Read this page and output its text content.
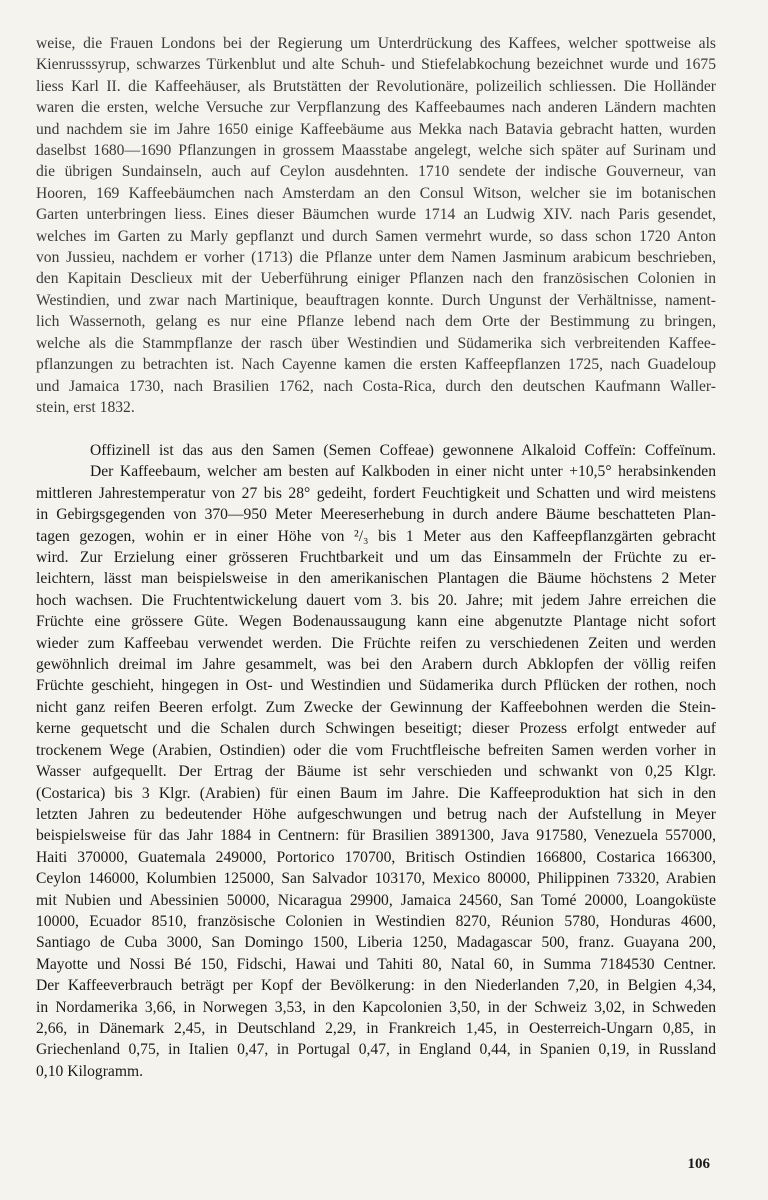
weise, die Frauen Londons bei der Regierung um Unterdrückung des Kaffees, welcher spottweise als
Kienrusssyrup, schwarzes Türkenblut und alte Schuh- und Stiefelabkochung bezeichnet wurde und 1675
liess Karl II. die Kaffeehäuser, als Brutstätten der Revolutionäre, polizeilich schliessen. Die Holländer
waren die ersten, welche Versuche zur Verpflanzung des Kaffeebaumes nach anderen Ländern machten
und nachdem sie im Jahre 1650 einige Kaffeebäume aus Mekka nach Batavia gebracht hatten, wurden
daselbst 1680—1690 Pflanzungen in grossem Maasstabe angelegt, welche sich später auf Surinam und
die übrigen Sundainseln, auch auf Ceylon ausdehnten. 1710 sendete der indische Gouverneur, van
Hooren, 169 Kaffeebäumchen nach Amsterdam an den Consul Witson, welcher sie im botanischen
Garten unterbringen liess. Eines dieser Bäumchen wurde 1714 an Ludwig XIV. nach Paris gesendet,
welches im Garten zu Marly gepflanzt und durch Samen vermehrt wurde, so dass schon 1720 Anton
von Jussieu, nachdem er vorher (1713) die Pflanze unter dem Namen Jasminum arabicum beschrieben,
den Kapitain Desclieux mit der Ueberführung einiger Pflanzen nach den französischen Colonien in
Westindien, und zwar nach Martinique, beauftragen konnte. Durch Ungunst der Verhältnisse, nament-
lich Wassernoth, gelang es nur eine Pflanze lebend nach dem Orte der Bestimmung zu bringen,
welche als die Stammpflanze der rasch über Westindien und Südamerika sich verbreitenden Kaffee-
pflanzungen zu betrachten ist. Nach Cayenne kamen die ersten Kaffeepflanzen 1725, nach Guadeloup
und Jamaica 1730, nach Brasilien 1762, nach Costa-Rica, durch den deutschen Kaufmann Waller-
stein, erst 1832.
Offizinell ist das aus den Samen (Semen Coffeae) gewonnene Alkaloid Coffeïn: Coffeïnum.
Der Kaffeebaum, welcher am besten auf Kalkboden in einer nicht unter +10,5° herabsinkenden
mittleren Jahrestemperatur von 27 bis 28° gedeiht, fordert Feuchtigkeit und Schatten und wird meistens
in Gebirgsgegenden von 370—950 Meter Meereserhebung in durch andere Bäume beschatteten Plan-
tagen gezogen, wohin er in einer Höhe von ²/₃ bis 1 Meter aus den Kaffeepflanzgärten gebracht
wird. Zur Erzielung einer grösseren Fruchtbarkeit und um das Einsammeln der Früchte zu er-
leichtern, lässt man beispielsweise in den amerikanischen Plantagen die Bäume höchstens 2 Meter
hoch wachsen. Die Fruchtentwickelung dauert vom 3. bis 20. Jahre; mit jedem Jahre erreichen die
Früchte eine grössere Güte. Wegen Bodenaussaugung kann eine abgenutzte Plantage nicht sofort
wieder zum Kaffeebau verwendet werden. Die Früchte reifen zu verschiedenen Zeiten und werden
gewöhnlich dreimal im Jahre gesammelt, was bei den Arabern durch Abklopfen der völlig reifen
Früchte geschieht, hingegen in Ost- und Westindien und Südamerika durch Pflücken der rothen, noch
nicht ganz reifen Beeren erfolgt. Zum Zwecke der Gewinnung der Kaffeebohnen werden die Stein-
kerne gequetscht und die Schalen durch Schwingen beseitigt; dieser Prozess erfolgt entweder auf
trockenem Wege (Arabien, Ostindien) oder die vom Fruchtfleische befreiten Samen werden vorher in
Wasser aufgequellt. Der Ertrag der Bäume ist sehr verschieden und schwankt von 0,25 Klgr.
(Costarica) bis 3 Klgr. (Arabien) für einen Baum im Jahre. Die Kaffeeproduktion hat sich in den
letzten Jahren zu bedeutender Höhe aufgeschwungen und betrug nach der Aufstellung in Meyer
beispielsweise für das Jahr 1884 in Centnern: für Brasilien 3891300, Java 917580, Venezuela 557000,
Haiti 370000, Guatemala 249000, Portorico 170700, Britisch Ostindien 166800, Costarica 166300,
Ceylon 146000, Kolumbien 125000, San Salvador 103170, Mexico 80000, Philippinen 73320, Arabien
mit Nubien und Abessinien 50000, Nicaragua 29900, Jamaica 24560, San Tomé 20000, Loangoküste
10000, Ecuador 8510, französische Colonien in Westindien 8270, Réunion 5780, Honduras 4600,
Santiago de Cuba 3000, San Domingo 1500, Liberia 1250, Madagascar 500, franz. Guayana 200,
Mayotte und Nossi Bé 150, Fidschi, Hawai und Tahiti 80, Natal 60, in Summa 7184530 Centner.
Der Kaffeeverbrauch beträgt per Kopf der Bevölkerung: in den Niederlanden 7,20, in Belgien 4,34,
in Nordamerika 3,66, in Norwegen 3,53, in den Kapcolonien 3,50, in der Schweiz 3,02, in Schweden
2,66, in Dänemark 2,45, in Deutschland 2,29, in Frankreich 1,45, in Oesterreich-Ungarn 0,85, in
Griechenland 0,75, in Italien 0,47, in Portugal 0,47, in England 0,44, in Spanien 0,19, in Russland
0,10 Kilogramm.
106
